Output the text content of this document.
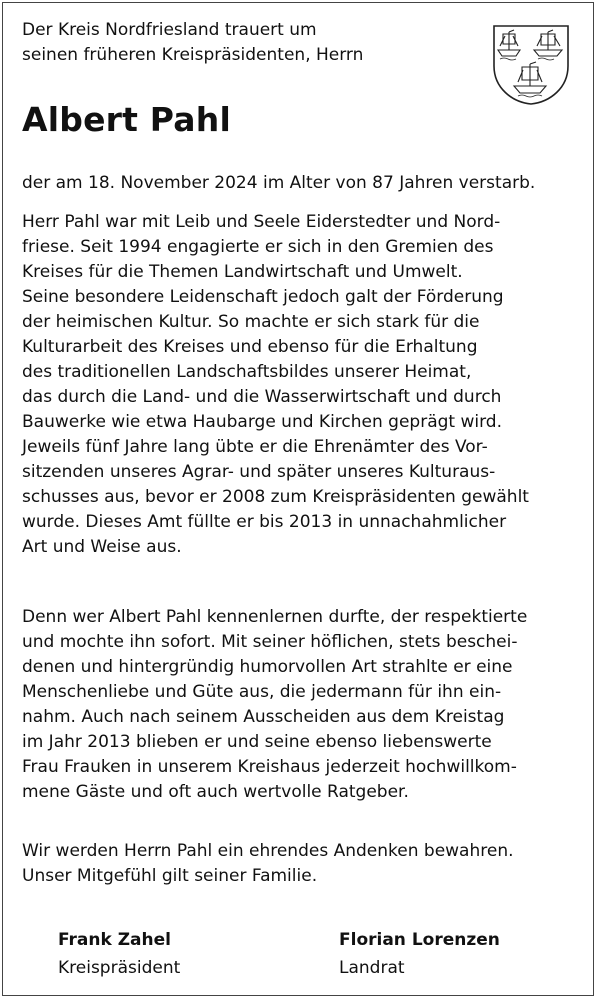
Der Kreis Nordfriesland trauert um
seinen früheren Kreispräsidenten, Herrn

Albert Pahl

der am 18. November 2024 im Alter von 87 Jahren verstarb.

Herr Pahl war mit Leib und Seele Eiderstedter und Nord-
friese. Seit 1994 engagierte er sich in den Gremien des
Kreises für die Themen Landwirtschaft und Umwelt.
Seine besondere Leidenschaft jedoch galt der Förderung
der heimischen Kultur. So machte er sich stark für die
Kulturarbeit des Kreises und ebenso für die Erhaltung
des traditionellen Landschaftsbildes unserer Heimat,
das durch die Land- und die Wasserwirtschaft und durch
Bauwerke wie etwa Haubarge und Kirchen geprägt wird.
Jeweils fünf Jahre lang übte er die Ehrenämter des Vor-
sitzenden unseres Agrar- und später unseres Kulturaus-
schusses aus, bevor er 2008 zum Kreispräsidenten gewählt
wurde. Dieses Amt füllte er bis 2013 in unnachahmlicher
Art und Weise aus.

Denn wer Albert Pahl kennenlernen durfte, der respektierte
und mochte ihn sofort. Mit seiner höflichen, stets beschei-
denen und hintergründig humorvollen Art strahlte er eine
Menschenliebe und Güte aus, die jedermann für ihn ein-
nahm. Auch nach seinem Ausscheiden aus dem Kreistag
im Jahr 2013 blieben er und seine ebenso liebenswerte
Frau Frauken in unserem Kreishaus jederzeit hochwillkom-
mene Gäste und oft auch wertvolle Ratgeber.

Wir werden Herrn Pahl ein ehrendes Andenken bewahren.
Unser Mitgefühl gilt seiner Familie.

Frank Zahel
Kreispräsident
Florian Lorenzen
Landrat
